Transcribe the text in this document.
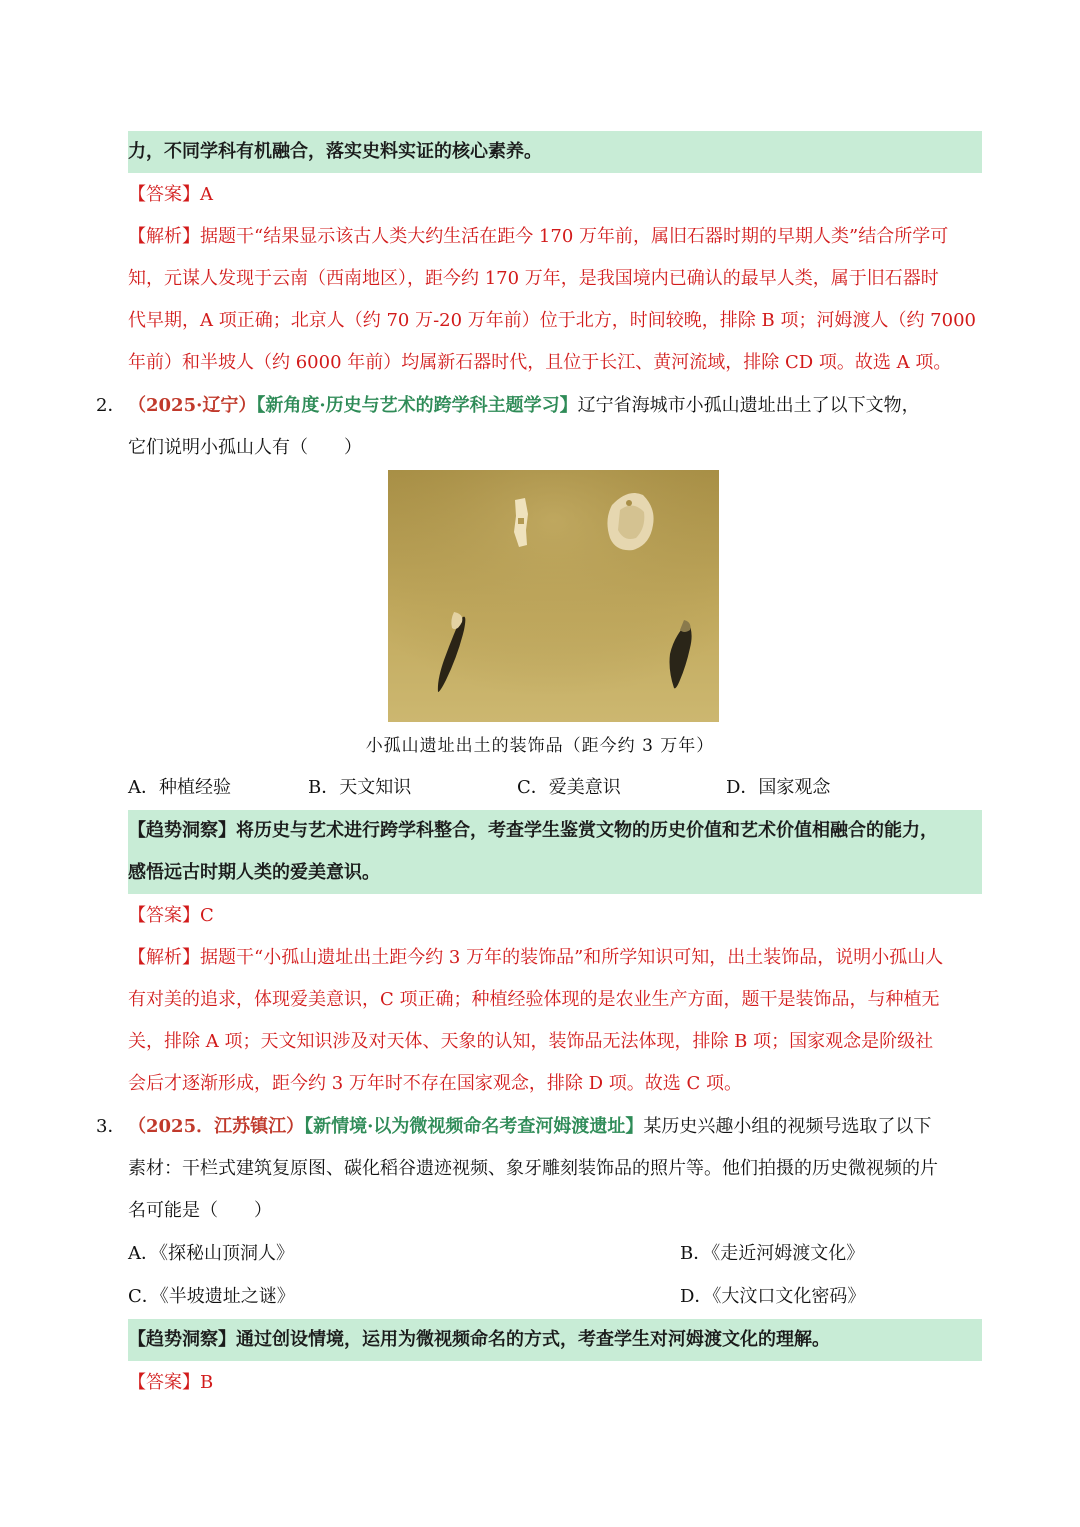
力，不同学科有机融合，落实史料实证的核心素养。
【答案】A
【解析】据题干“结果显示该古人类大约生活在距今 170 万年前，属旧石器时期的早期人类”结合所学可
知，元谋人发现于云南（西南地区），距今约 170 万年，是我国境内已确认的最早人类，属于旧石器时
代早期，A 项正确；北京人（约 70 万-20 万年前）位于北方，时间较晚，排除 B 项；河姆渡人（约 7000
年前）和半坡人（约 6000 年前）均属新石器时代，且位于长江、黄河流域，排除 CD 项。故选 A 项。
2． （2025·辽宁）【新角度·历史与艺术的跨学科主题学习】辽宁省海城市小孤山遗址出土了以下文物，
它们说明小孤山人有（　　）
小孤山遗址出土的装饰品（距今约 3 万年）
A．种植经验	B．天文知识	C．爱美意识	D．国家观念
【趋势洞察】将历史与艺术进行跨学科整合，考查学生鉴赏文物的历史价值和艺术价值相融合的能力，
感悟远古时期人类的爱美意识。
【答案】C
【解析】据题干“小孤山遗址出土距今约 3 万年的装饰品”和所学知识可知，出土装饰品，说明小孤山人
有对美的追求，体现爱美意识，C 项正确；种植经验体现的是农业生产方面，题干是装饰品，与种植无
关，排除 A 项；天文知识涉及对天体、天象的认知，装饰品无法体现，排除 B 项；国家观念是阶级社
会后才逐渐形成，距今约 3 万年时不存在国家观念，排除 D 项。故选 C 项。
3． （2025．江苏镇江）【新情境·以为微视频命名考查河姆渡遗址】某历史兴趣小组的视频号选取了以下
素材：干栏式建筑复原图、碳化稻谷遗迹视频、象牙雕刻装饰品的照片等。他们拍摄的历史微视频的片
名可能是（　　）
A．《探秘山顶洞人》	B．《走近河姆渡文化》
C．《半坡遗址之谜》	D．《大汶口文化密码》
【趋势洞察】通过创设情境，运用为微视频命名的方式，考查学生对河姆渡文化的理解。
【答案】B
